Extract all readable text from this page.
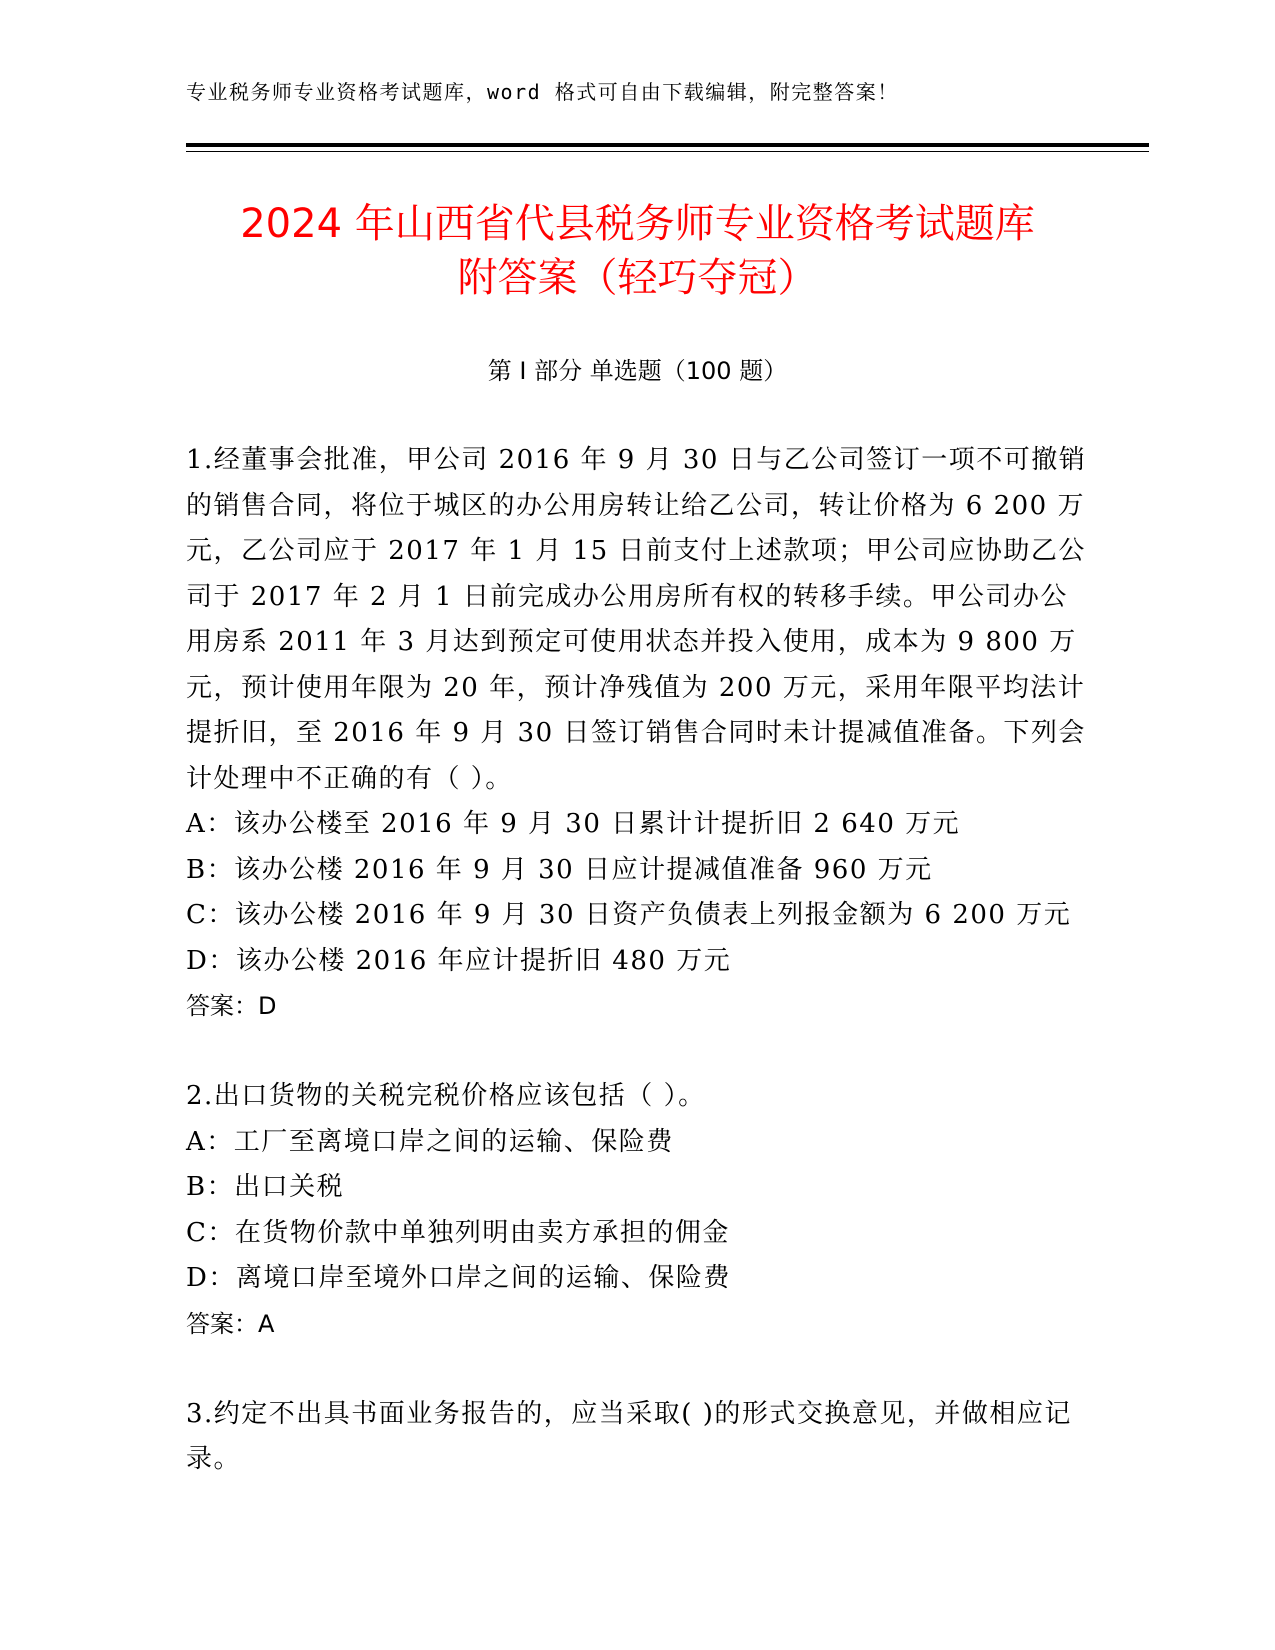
专业税务师专业资格考试题库，word 格式可自由下载编辑，附完整答案！
2024 年山西省代县税务师专业资格考试题库
附答案（轻巧夺冠）
第 I 部分 单选题（100 题）
1.经董事会批准，甲公司 2016 年 9 月 30 日与乙公司签订一项不可撤销的销售合同，将位于城区的办公用房转让给乙公司，转让价格为 6 200 万元，乙公司应于 2017 年 1 月 15 日前支付上述款项；甲公司应协助乙公司于 2017 年 2 月 1 日前完成办公用房所有权的转移手续。甲公司办公用房系 2011 年 3 月达到预定可使用状态并投入使用，成本为 9 800 万元，预计使用年限为 20 年，预计净残值为 200 万元，采用年限平均法计提折旧，至 2016 年 9 月 30 日签订销售合同时未计提减值准备。下列会计处理中不正确的有（ ）。
A：该办公楼至 2016 年 9 月 30 日累计计提折旧 2 640 万元
B：该办公楼 2016 年 9 月 30 日应计提减值准备 960 万元
C：该办公楼 2016 年 9 月 30 日资产负债表上列报金额为 6 200 万元
D：该办公楼 2016 年应计提折旧 480 万元
答案：D
2.出口货物的关税完税价格应该包括（ ）。
A：工厂至离境口岸之间的运输、保险费
B：出口关税
C：在货物价款中单独列明由卖方承担的佣金
D：离境口岸至境外口岸之间的运输、保险费
答案：A
3.约定不出具书面业务报告的，应当采取( )的形式交换意见，并做相应记录。
